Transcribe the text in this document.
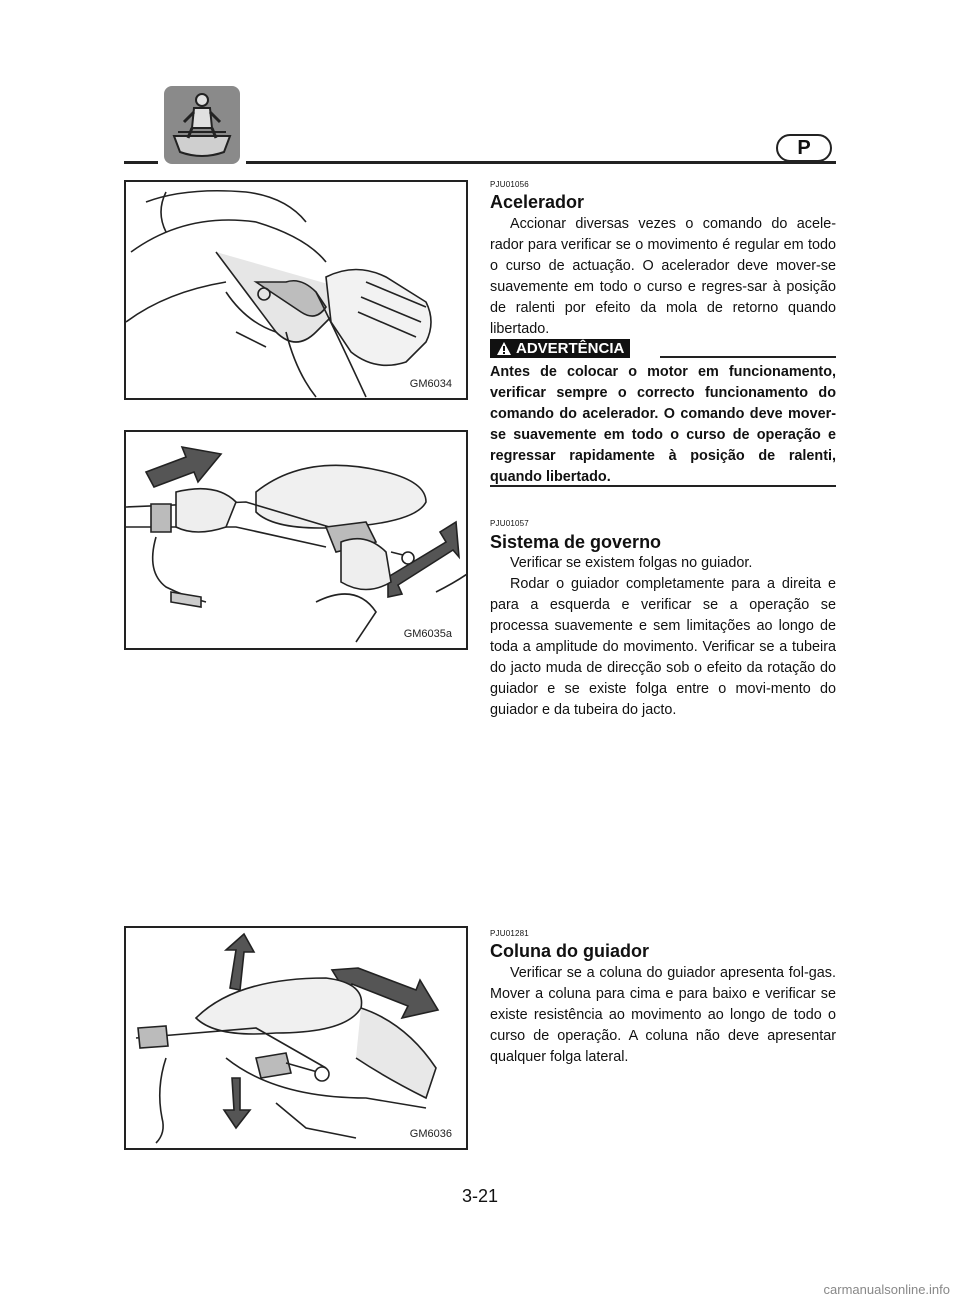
P
GM6034
GM6035a
GM6036
PJU01056
Acelerador

Accionar diversas vezes o comando do acele-rador para verificar se o movimento é regular em todo o curso de actuação. O acelerador deve mover-se suavemente em todo o curso e regres-sar à posição de ralenti por efeito da mola de retorno quando libertado.

ADVERTÊNCIA

Antes de colocar o motor em funcionamento, verificar sempre o correcto funcionamento do comando do acelerador. O comando deve mover-se suavemente em todo o curso de operação e regressar rapidamente à posição de ralenti, quando libertado.

PJU01057
Sistema de governo

Verificar se existem folgas no guiador.

Rodar o guiador completamente para a direita e para a esquerda e verificar se a operação se processa suavemente e sem limitações ao longo de toda a amplitude do movimento. Verificar se a tubeira do jacto muda de direcção sob o efeito da rotação do guiador e se existe folga entre o movi-mento do guiador e da tubeira do jacto.

PJU01281
Coluna do guiador

Verificar se a coluna do guiador apresenta fol-gas. Mover a coluna para cima e para baixo e verificar se existe resistência ao movimento ao longo de todo o curso de operação. A coluna não deve apresentar qualquer folga lateral.

3-21
carmanualsonline.info
